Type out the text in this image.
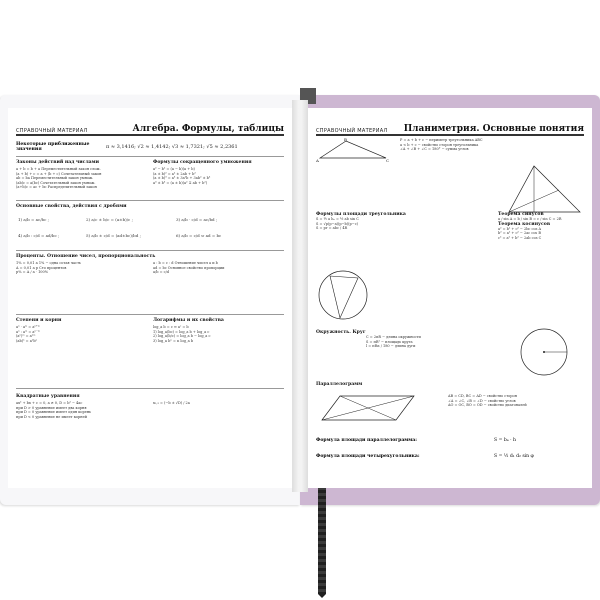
СПРАВОЧНЫЙ МАТЕРИАЛ	Алгебра. Формулы, таблицы
Некоторые приближенные значения	π ≈ 3,1416; √2 ≈ 1,4142; √3 ≈ 1,7321; √5 ≈ 2,2361
Законы действий над числами
a + b = b + a Переместительный закон слож.
(a + b) + c = a + (b + c) Сочетательный закон
ab = ba Переместительный закон умнож.
(ab)c = a(bc) Сочетательный закон умнож.
(a+b)c = ac + bc Распределительный закон
Формулы сокращенного умножения
a² − b² = (a − b)(a + b)
(a ± b)² = a² ± 2ab + b²
(a ± b)³ = a³ ± 3a²b + 3ab² ± b³
a³ ± b³ = (a ± b)(a² ∓ ab + b²)
Основные свойства, действия с дробями
1) a/b = ac/bc ;	2) a/c ± b/c = (a±b)/c ;	3) a/b · c/d = ac/bd ;
4) a/b : c/d = ad/bc ;	5) a/b ± c/d = (ad±bc)/bd ;	6) a/b = c/d ⇔ ad = bc
Проценты. Отношение чисел, пропорциональность
1% = 0,01 a 1% − одна сотая часть
A = 0,01 a p Сто процентов
p% = A / a · 100%
a : b = c : d Отношение чисел a и b
ad = bc Основное свойство пропорции
a/b = c/d
Степени и корни
aⁿ · aᵐ = aⁿ⁺ᵐ
aⁿ : aᵐ = aⁿ⁻ᵐ
(aⁿ)ᵐ = aⁿᵐ
(ab)ⁿ = aⁿbⁿ
Логарифмы и их свойства
log_a b = c ⇔ aᶜ = b
1) log_a(bc) = log_a b + log_a c
2) log_a(b/c) = log_a b − log_a c
3) log_a bⁿ = n log_a b
Квадратные уравнения
ax² + bx + c = 0, a ≠ 0, D = b² − 4ac
при D > 0 уравнение имеет два корня
при D = 0 уравнение имеет один корень
при D < 0 уравнение не имеет корней
x₁,₂ = (−b ± √D) / 2a
СПРАВОЧНЫЙ МАТЕРИАЛ Планиметрия. Основные понятия
A
B
C
P = a + b + c − периметр треугольника ABC
a < b + c − свойство сторон треугольника
∠A + ∠B + ∠C = 180° − сумма углов
Формулы площади треугольника
S = ½ a hₐ = ½ ab sin C
S = √p(p−a)(p−b)(p−c)
S = pr = abc / 4R
Теорема синусов
a / sin A = b / sin B = c / sin C = 2R
Теорема косинусов
a² = b² + c² − 2bc cos A
b² = a² + c² − 2ac cos B
c² = a² + b² − 2ab cos C
Окружность. Круг
C = 2πR − длина окружности
S = πR² − площадь круга
l = πRα / 180 − длина дуги
Параллелограмм
AB = CD, BC = AD − свойство сторон
∠A = ∠C, ∠B = ∠D − свойство углов
AO = OC, BO = OD − свойство диагоналей
Формула площади параллелограмма:	S = bₐ · h
Формула площади четырехугольника:	S = ½ d₁ d₂ sin φ
